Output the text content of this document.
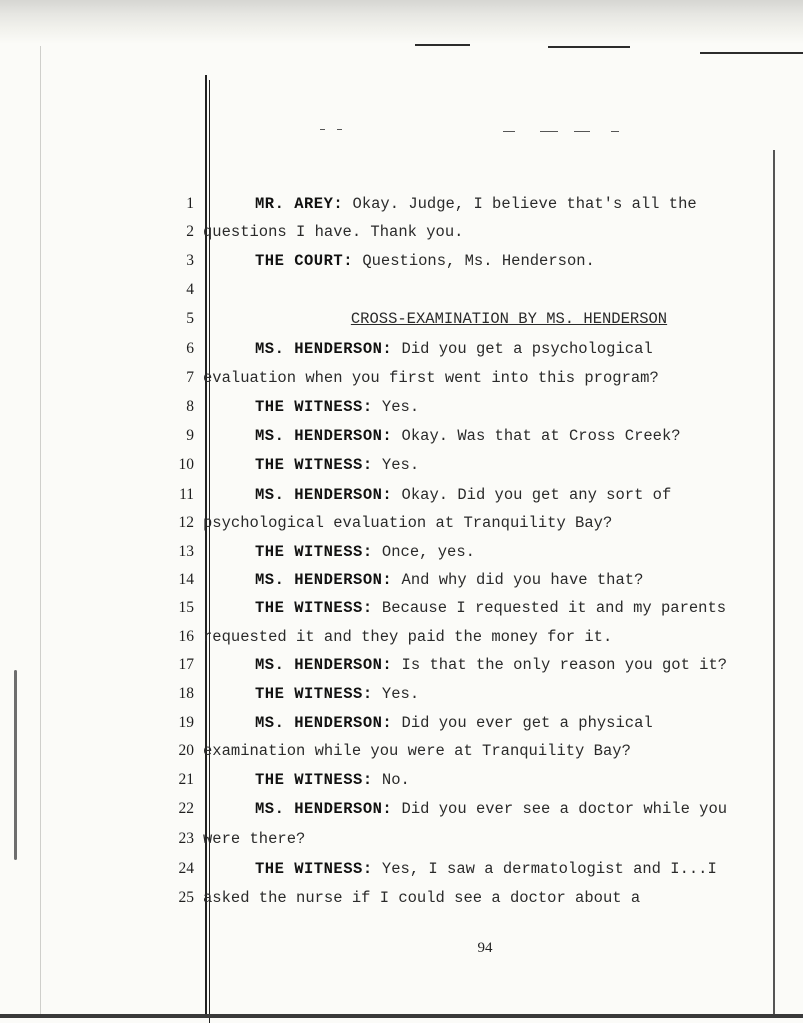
1	MR. AREY: Okay. Judge, I believe that's all the
2 questions I have. Thank you.
3	THE COURT: Questions, Ms. Henderson.
4
5	CROSS-EXAMINATION BY MS. HENDERSON
6	MS. HENDERSON: Did you get a psychological
7 evaluation when you first went into this program?
8	THE WITNESS: Yes.
9	MS. HENDERSON: Okay. Was that at Cross Creek?
10	THE WITNESS: Yes.
11	MS. HENDERSON: Okay. Did you get any sort of
12 psychological evaluation at Tranquility Bay?
13	THE WITNESS: Once, yes.
14	MS. HENDERSON: And why did you have that?
15	THE WITNESS: Because I requested it and my parents
16 requested it and they paid the money for it.
17	MS. HENDERSON: Is that the only reason you got it?
18	THE WITNESS: Yes.
19	MS. HENDERSON: Did you ever get a physical
20 examination while you were at Tranquility Bay?
21	THE WITNESS: No.
22	MS. HENDERSON: Did you ever see a doctor while you
23 were there?
24	THE WITNESS: Yes, I saw a dermatologist and I...I
25 asked the nurse if I could see a doctor about a
94
